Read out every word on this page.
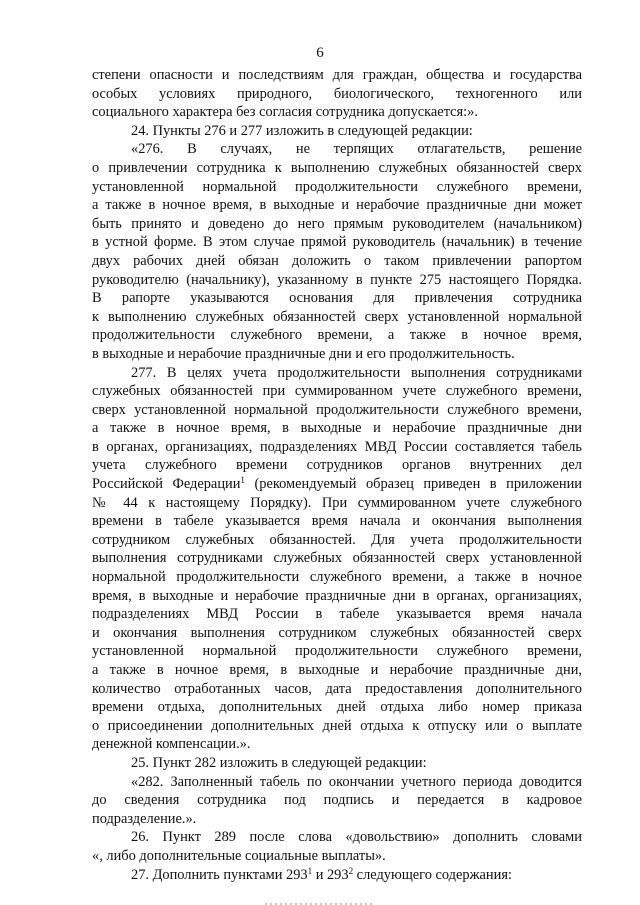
6

степени опасности и последствиям для граждан, общества и государства
особых условиях природного, биологического, техногенного или
социального характера без согласия сотрудника допускается:».

24. Пункты 276 и 277 изложить в следующей редакции:

«276. В случаях, не терпящих отлагательств, решение
о привлечении сотрудника к выполнению служебных обязанностей сверх
установленной нормальной продолжительности служебного времени,
а также в ночное время, в выходные и нерабочие праздничные дни может
быть принято и доведено до него прямым руководителем (начальником)
в устной форме. В этом случае прямой руководитель (начальник) в течение
двух рабочих дней обязан доложить о таком привлечении рапортом
руководителю (начальнику), указанному в пункте 275 настоящего Порядка.
В рапорте указываются основания для привлечения сотрудника
к выполнению служебных обязанностей сверх установленной нормальной
продолжительности служебного времени, а также в ночное время,
в выходные и нерабочие праздничные дни и его продолжительность.

277. В целях учета продолжительности выполнения сотрудниками
служебных обязанностей при суммированном учете служебного времени,
сверх установленной нормальной продолжительности служебного времени,
а также в ночное время, в выходные и нерабочие праздничные дни
в органах, организациях, подразделениях МВД России составляется табель
учета служебного времени сотрудников органов внутренних дел
Российской Федерации$^1$ (рекомендуемый образец приведен в приложении
№ 44 к настоящему Порядку). При суммированном учете служебного
времени в табеле указывается время начала и окончания выполнения
сотрудником служебных обязанностей. Для учета продолжительности
выполнения сотрудниками служебных обязанностей сверх установленной
нормальной продолжительности служебного времени, а также в ночное
время, в выходные и нерабочие праздничные дни в органах, организациях,
подразделениях МВД России в табеле указывается время начала
и окончания выполнения сотрудником служебных обязанностей сверх
установленной нормальной продолжительности служебного времени,
а также в ночное время, в выходные и нерабочие праздничные дни,
количество отработанных часов, дата предоставления дополнительного
времени отдыха, дополнительных дней отдыха либо номер приказа
о присоединении дополнительных дней отдыха к отпуску или о выплате
денежной компенсации.».

25. Пункт 282 изложить в следующей редакции:

«282. Заполненный табель по окончании учетного периода доводится
до сведения сотрудника под подпись и передается в кадровое
подразделение.».

26. Пункт 289 после слова «довольствию» дополнить словами
«, либо дополнительные социальные выплаты».

27. Дополнить пунктами $293^1$ и $293^2$ следующего содержания:
